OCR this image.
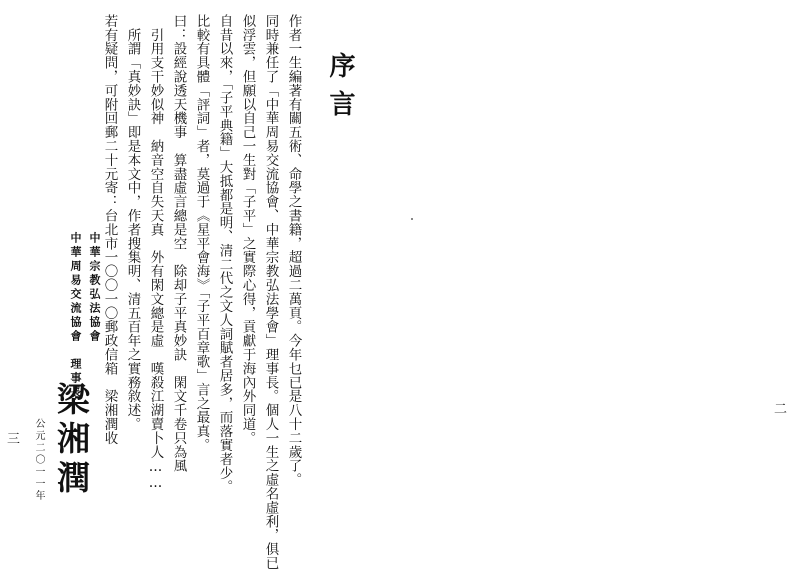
序言
作者一生編著有關五術、命學之書籍，超過二萬頁。今年乜已是八十二歲了。
同時兼任了「中華周易交流協會、中華宗教弘法學會」理事長。個人一生之虛名虛利，俱已
似浮雲，但願以自己一生對「子平」之實際心得，貢獻于海內外同道。
自昔以來，「子平典籍」大抵都是明、清二代之文人詞賦者居多，而落實者少。
比較有具體「評詞」者，莫過于《星平會海》「子平百章歌」言之最真。
曰：設經說透天機事　算盡虛言總是空　除却子平真妙訣　閑文千卷只為風
　引用支干妙似神　納音空自失天真　外有閑文總是虛　嘆殺江湖賣卜人……
　所謂「真妙訣」即是本文中，作者搜集明、清五百年之實務敘述。
若有疑問，可附回郵二十元寄：台北市一〇〇一〇郵政信箱　梁湘潤收
中華宗教弘法協會
中華周易交流協會　理事長
梁湘潤
公元二〇一一年
三
二
